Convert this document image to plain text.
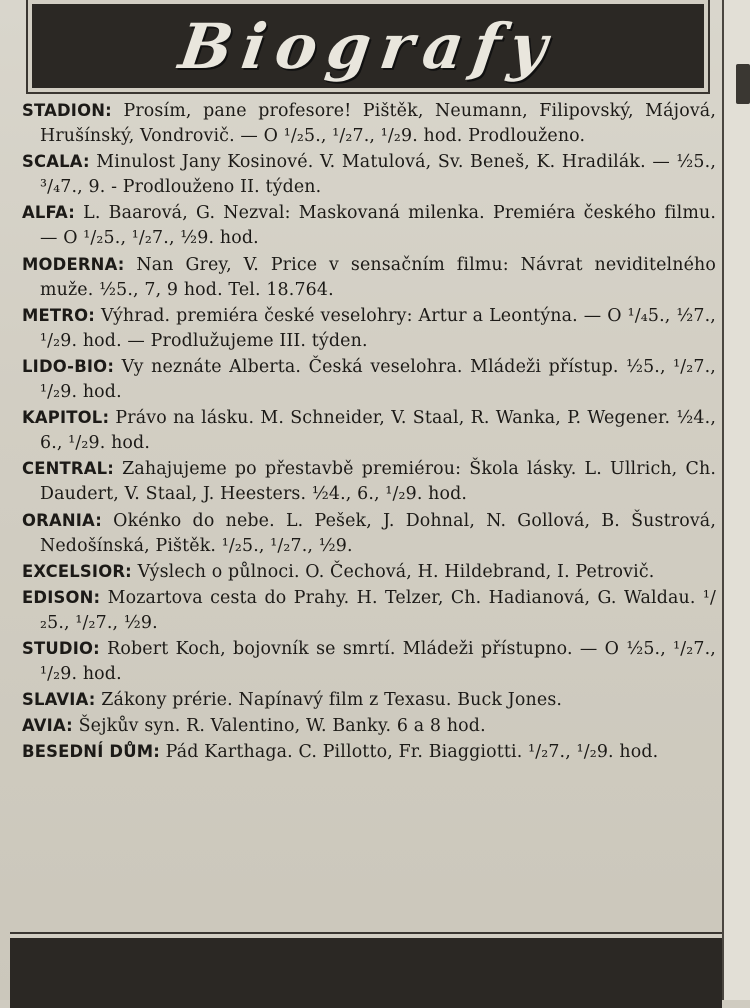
Biografy

STADION: Prosím, pane profesore! Pištěk, Neumann, Filipovský, Májová, Hrušínský, Vondrovič. — O ¹/₂5., ¹/₂7., ¹/₂9. hod. Prodlouženo.

SCALA: Minulost Jany Kosinové. V. Matulová, Sv. Beneš, K. Hradilák. — ½5., ³/₄7., 9. - Prodlouženo II. týden.

ALFA: L. Baarová, G. Nezval: Maskovaná milenka. Premiéra českého filmu. — O ¹/₂5., ¹/₂7., ½9. hod.

MODERNA: Nan Grey, V. Price v sensačním filmu: Návrat neviditelného muže. ½5., 7, 9 hod. Tel. 18.764.

METRO: Výhrad. premiéra české veselohry: Artur a Leontýna. — O ¹/₄5., ½7., ¹/₂9. hod. — Prodlužujeme III. týden.

LIDO-BIO: Vy neznáte Alberta. Česká veselohra. Mládeži přístup. ½5., ¹/₂7., ¹/₂9. hod.

KAPITOL: Právo na lásku. M. Schneider, V. Staal, R. Wanka, P. Wegener. ½4., 6., ¹/₂9. hod.

CENTRAL: Zahajujeme po přestavbě premiérou: Škola lásky. L. Ullrich, Ch. Daudert, V. Staal, J. Heesters. ½4., 6., ¹/₂9. hod.

ORANIA: Okénko do nebe. L. Pešek, J. Dohnal, N. Gollová, B. Šustrová, Nedošínská, Pištěk. ¹/₂5., ¹/₂7., ½9.

EXCELSIOR: Výslech o půlnoci. O. Čechová, H. Hildebrand, I. Petrovič.

EDISON: Mozartova cesta do Prahy. H. Telzer, Ch. Hadianová, G. Waldau. ¹/₂5., ¹/₂7., ½9.

STUDIO: Robert Koch, bojovník se smrtí. Mládeži přístupno. — O ½5., ¹/₂7., ¹/₂9. hod.

SLAVIA: Zákony prérie. Napínavý film z Texasu. Buck Jones.

AVIA: Šejkův syn. R. Valentino, W. Banky. 6 a 8 hod.

BESEDNÍ DŮM: Pád Karthaga. C. Pillotto, Fr. Biaggiotti. ¹/₂7., ¹/₂9. hod.
